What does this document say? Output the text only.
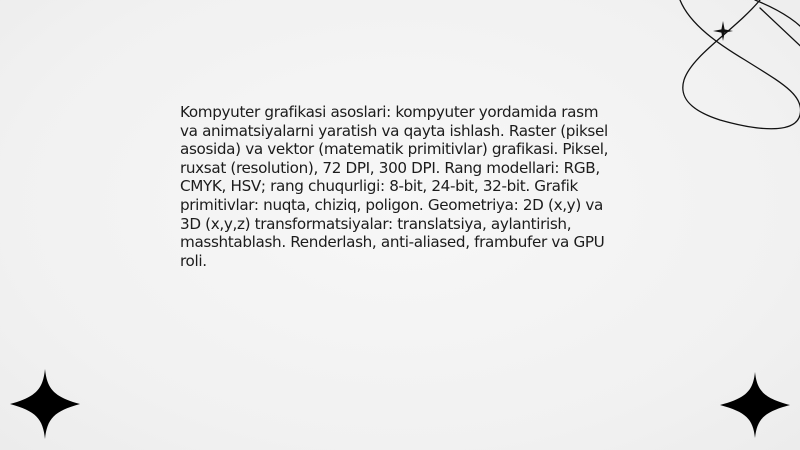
Kompyuter grafikasi asoslari: kompyuter yordamida rasm va animatsiyalarni yaratish va qayta ishlash. Raster (piksel asosida) va vektor (matematik primitivlar) grafikasi. Piksel, ruxsat (resolution), 72 DPI, 300 DPI. Rang modellari: RGB, CMYK, HSV; rang chuqurligi: 8-bit, 24-bit, 32-bit. Grafik primitivlar: nuqta, chiziq, poligon. Geometriya: 2D (x,y) va 3D (x,y,z) transformatsiyalar: translatsiya, aylantirish, masshtablash. Renderlash, anti-aliased, frambufer va GPU roli.
